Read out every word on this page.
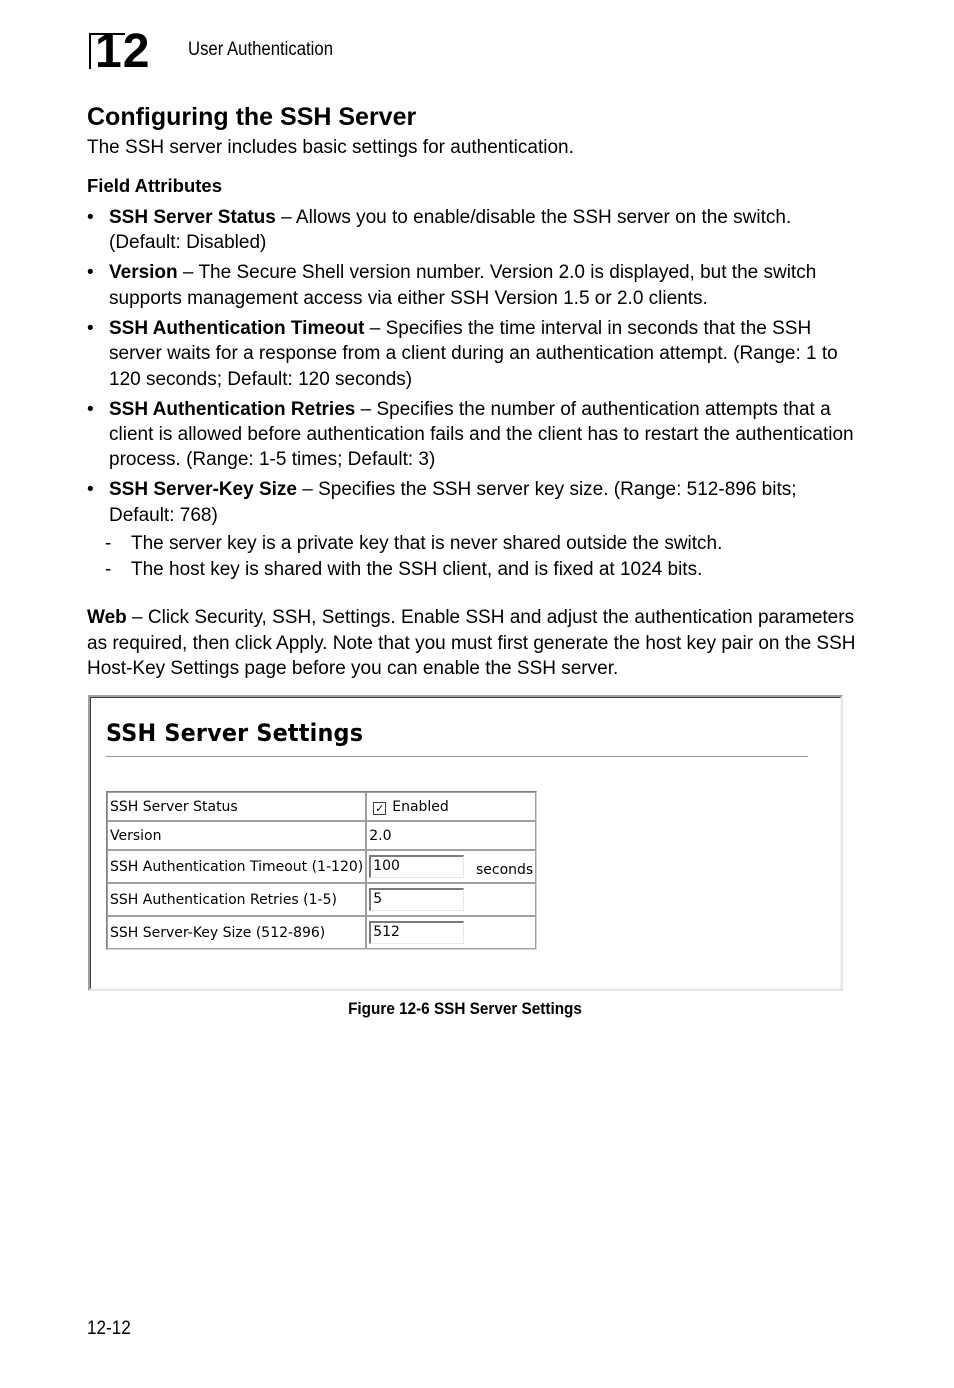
12 User Authentication
Configuring the SSH Server

The SSH server includes basic settings for authentication.

Field Attributes

• SSH Server Status – Allows you to enable/disable the SSH server on the switch. (Default: Disabled)
• Version – The Secure Shell version number. Version 2.0 is displayed, but the switch supports management access via either SSH Version 1.5 or 2.0 clients.
• SSH Authentication Timeout – Specifies the time interval in seconds that the SSH server waits for a response from a client during an authentication attempt. (Range: 1 to 120 seconds; Default: 120 seconds)
• SSH Authentication Retries – Specifies the number of authentication attempts that a client is allowed before authentication fails and the client has to restart the authentication process. (Range: 1-5 times; Default: 3)
• SSH Server-Key Size – Specifies the SSH server key size. (Range: 512-896 bits; Default: 768)
- The server key is a private key that is never shared outside the switch.
- The host key is shared with the SSH client, and is fixed at 1024 bits.

Web – Click Security, SSH, Settings. Enable SSH and adjust the authentication parameters as required, then click Apply. Note that you must first generate the host key pair on the SSH Host-Key Settings page before you can enable the SSH server.

SSH Server Settings
SSH Server Status	✓ Enabled
Version	2.0
SSH Authentication Timeout (1-120)	100 seconds

SSH Authentication Retries (1-5)	5
SSH Server-Key Size (512-896)	512
Figure 12-6 SSH Server Settings
12-12
